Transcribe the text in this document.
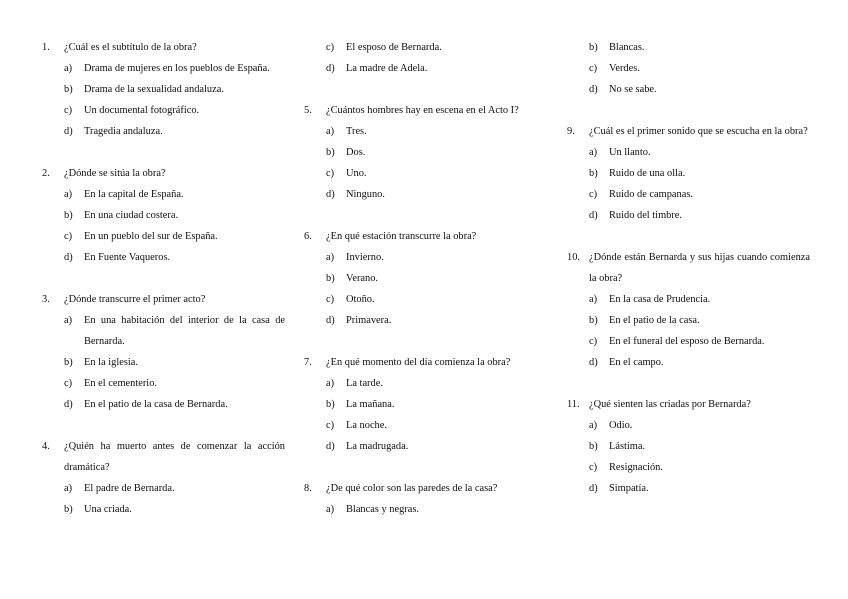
1.	¿Cuál es el subtítulo de la obra?
a)	Drama de mujeres en los pueblos de España.
b)	Drama de la sexualidad andaluza.
c)	Un documental fotográfico.
d)	Tragedia andaluza.
2.	¿Dónde se sitúa la obra?
a)	En la capital de España.
b)	En una ciudad costera.
c)	En un pueblo del sur de España.
d)	En Fuente Vaqueros.
3.	¿Dónde transcurre el primer acto?
a)	En una habitación del interior de la casa de Bernarda.
b)	En la iglesia.
c)	En el cementerio.
d)	En el patio de la casa de Bernarda.
4.	¿Quién ha muerto antes de comenzar la acción dramática?
a)	El padre de Bernarda.
b)	Una criada.
c)	El esposo de Bernarda.
d)	La madre de Adela.
5.	¿Cuántos hombres hay en escena en el Acto I?
a)	Tres.
b)	Dos.
c)	Uno.
d)	Ninguno.
6.	¿En qué estación transcurre la obra?
a)	Invierno.
b)	Verano.
c)	Otoño.
d)	Primavera.
7.	¿En qué momento del día comienza la obra?
a)	La tarde.
b)	La mañana.
c)	La noche.
d)	La madrugada.
8.	¿De qué color son las paredes de la casa?
a)	Blancas y negras.
b)	Blancas.
c)	Verdes.
d)	No se sabe.
9.	¿Cuál es el primer sonido que se escucha en la obra?
a)	Un llanto.
b)	Ruido de una olla.
c)	Ruido de campanas.
d)	Ruido del timbre.
10. ¿Dónde están Bernarda y sus hijas cuando comienza la obra?
a)	En la casa de Prudencia.
b)	En el patio de la casa.
c)	En el funeral del esposo de Bernarda.
d)	En el campo.
11. ¿Qué sienten las criadas por Bernarda?
a)	Odio.
b)	Lástima.
c)	Resignación.
d)	Simpatía.
